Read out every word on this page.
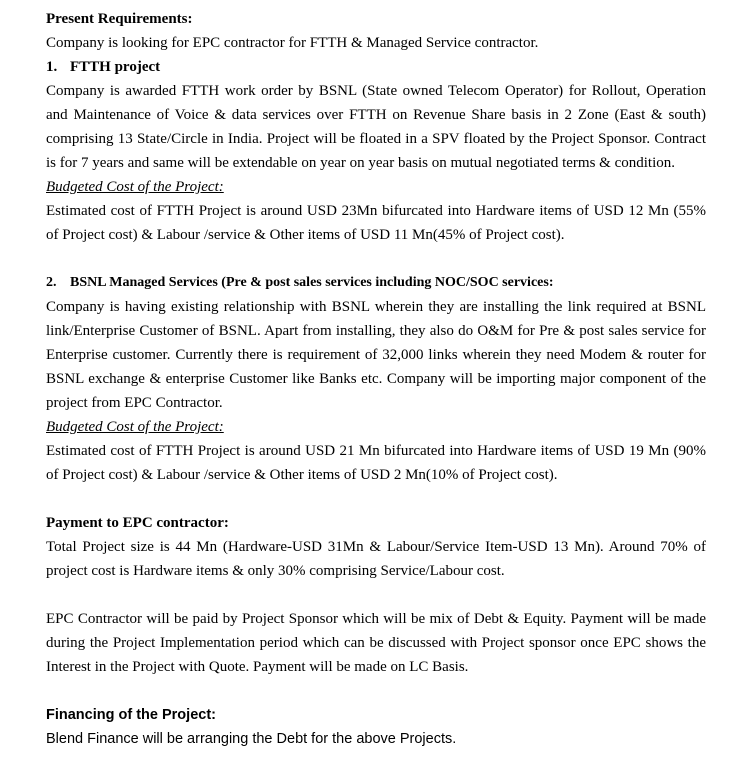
Present Requirements:

Company is looking for EPC contractor for FTTH & Managed Service contractor.

1. FTTH project

Company is awarded FTTH work order by BSNL (State owned Telecom Operator) for Rollout, Operation and Maintenance of Voice & data services over FTTH on Revenue Share basis in 2 Zone (East & south) comprising 13 State/Circle in India. Project will be floated in a SPV floated by the Project Sponsor. Contract is for 7 years and same will be extendable on year on year basis on mutual negotiated terms & condition.

Budgeted Cost of the Project:

Estimated cost of FTTH Project is around USD 23Mn bifurcated into Hardware items of USD 12 Mn (55% of Project cost) & Labour /service & Other items of USD 11 Mn(45% of Project cost).

2. BSNL Managed Services (Pre & post sales services including NOC/SOC services:

Company is having existing relationship with BSNL wherein they are installing the link required at BSNL link/Enterprise Customer of BSNL. Apart from installing, they also do O&M for Pre & post sales service for Enterprise customer. Currently there is requirement of 32,000 links wherein they need Modem & router for BSNL exchange & enterprise Customer like Banks etc. Company will be importing major component of the project from EPC Contractor.

Budgeted Cost of the Project:

Estimated cost of FTTH Project is around USD 21 Mn bifurcated into Hardware items of USD 19 Mn (90% of Project cost) & Labour /service & Other items of USD 2 Mn(10% of Project cost).

Payment to EPC contractor:

Total Project size is 44 Mn (Hardware-USD 31Mn & Labour/Service Item-USD 13 Mn). Around 70% of project cost is Hardware items & only 30% comprising Service/Labour cost.

EPC Contractor will be paid by Project Sponsor which will be mix of Debt & Equity. Payment will be made during the Project Implementation period which can be discussed with Project sponsor once EPC shows the Interest in the Project with Quote. Payment will be made on LC Basis.

Financing of the Project:

Blend Finance will be arranging the Debt for the above Projects.
